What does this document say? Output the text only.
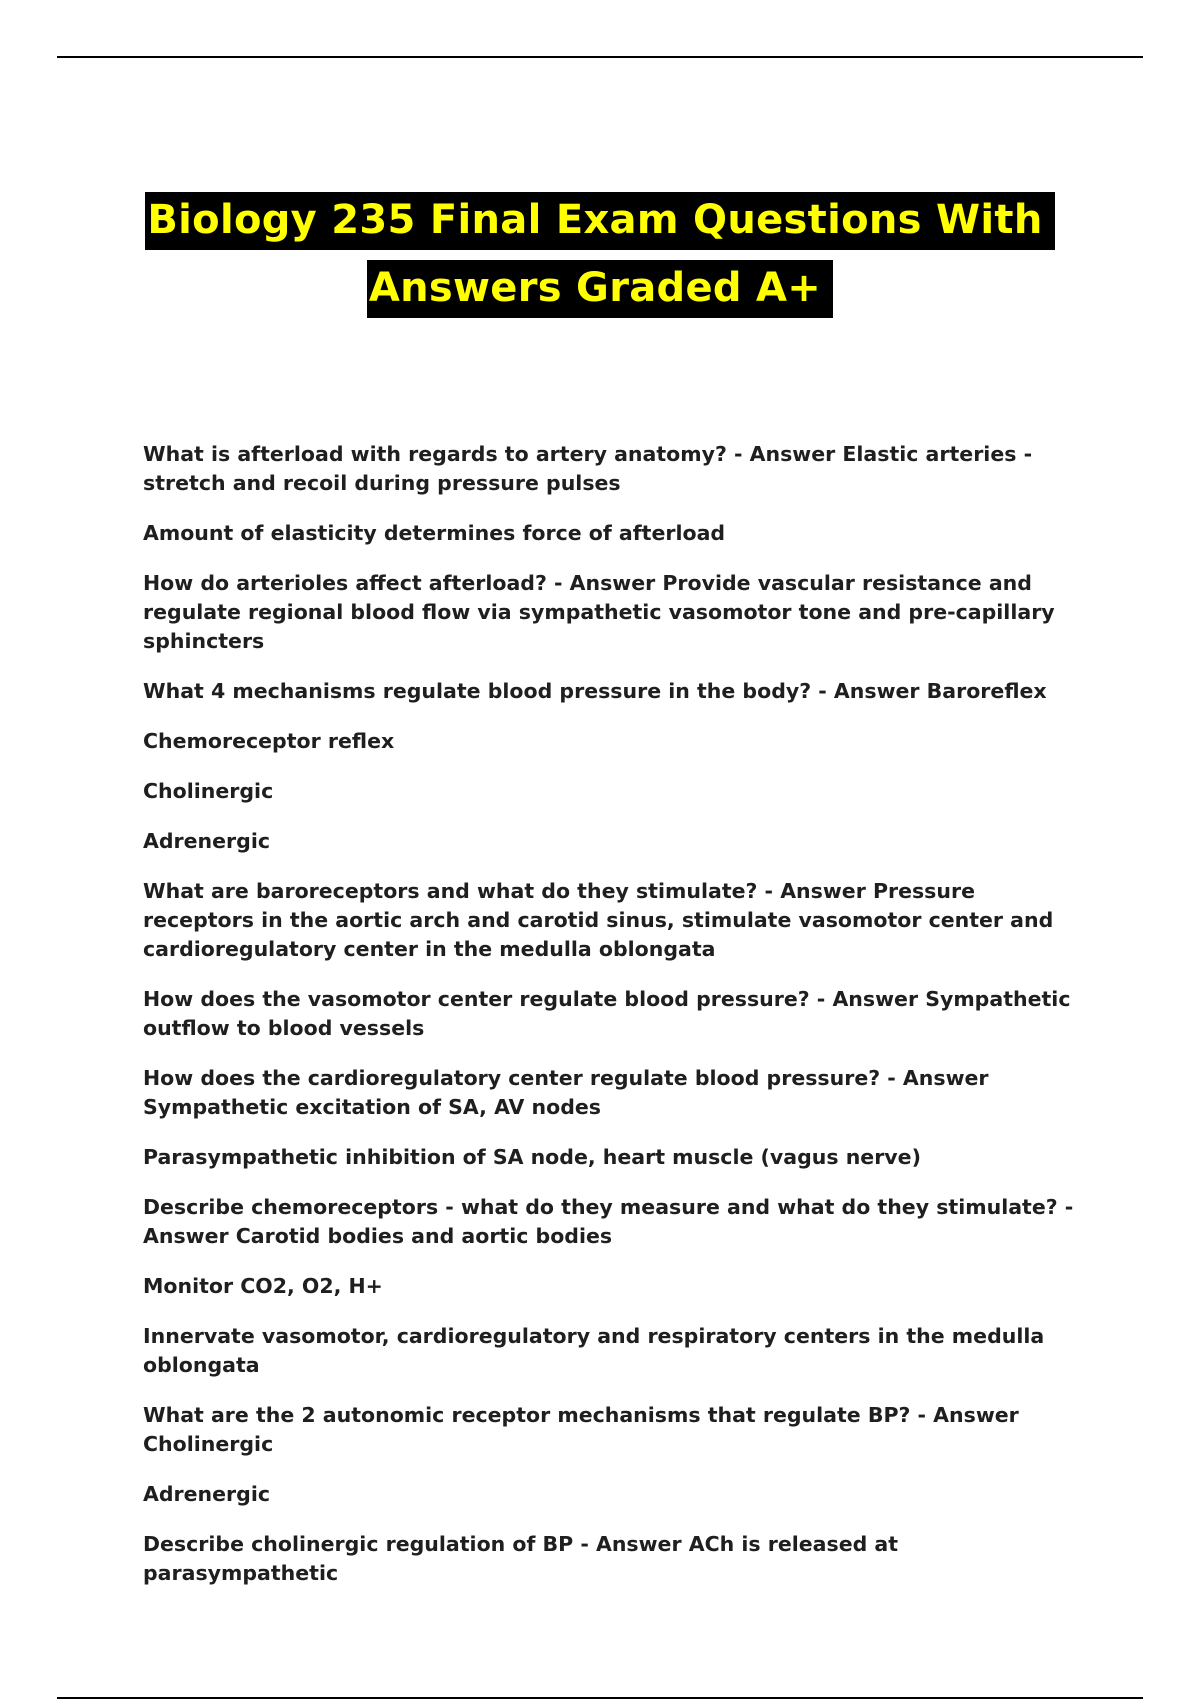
Biology 235 Final Exam Questions With
Answers Graded A+

What is afterload with regards to artery anatomy? - Answer Elastic arteries - stretch and recoil during pressure pulses

Amount of elasticity determines force of afterload

How do arterioles affect afterload? - Answer Provide vascular resistance and regulate regional blood flow via sympathetic vasomotor tone and pre-capillary sphincters

What 4 mechanisms regulate blood pressure in the body? - Answer Baroreflex

Chemoreceptor reflex

Cholinergic

Adrenergic

What are baroreceptors and what do they stimulate? - Answer Pressure receptors in the aortic arch and carotid sinus, stimulate vasomotor center and cardioregulatory center in the medulla oblongata

How does the vasomotor center regulate blood pressure? - Answer Sympathetic outflow to blood vessels

How does the cardioregulatory center regulate blood pressure? - Answer Sympathetic excitation of SA, AV nodes

Parasympathetic inhibition of SA node, heart muscle (vagus nerve)

Describe chemoreceptors - what do they measure and what do they stimulate? - Answer Carotid bodies and aortic bodies

Monitor CO2, O2, H+

Innervate vasomotor, cardioregulatory and respiratory centers in the medulla oblongata

What are the 2 autonomic receptor mechanisms that regulate BP? - Answer Cholinergic

Adrenergic

Describe cholinergic regulation of BP - Answer ACh is released at parasympathetic
